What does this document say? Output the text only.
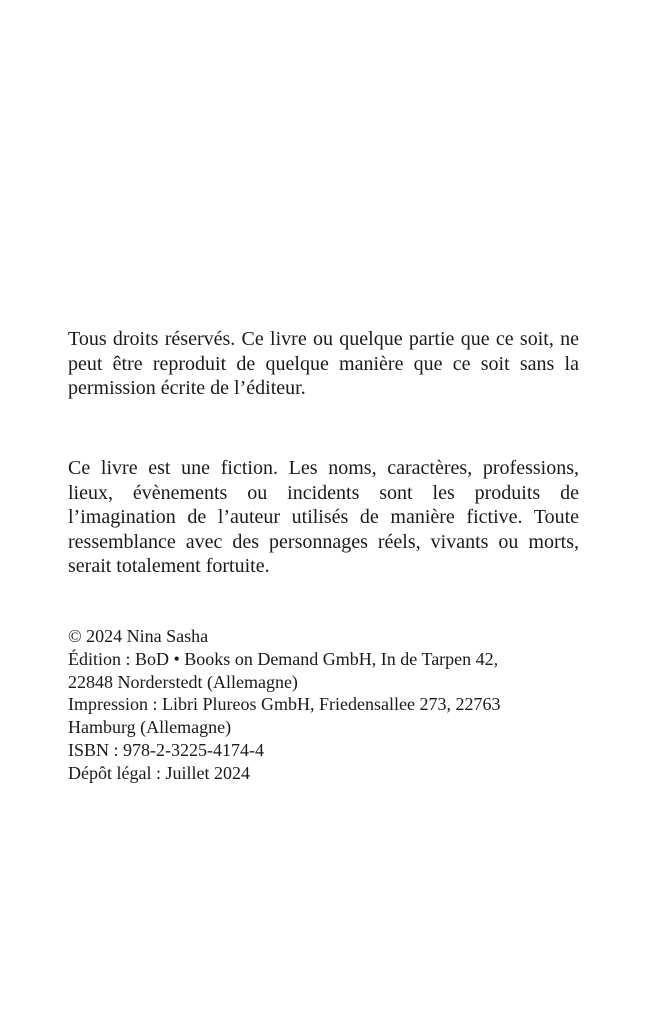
Tous droits réservés. Ce livre ou quelque partie que ce soit, ne peut être reproduit de quelque manière que ce soit sans la permission écrite de l’éditeur.

Ce livre est une fiction. Les noms, caractères, professions, lieux, évènements ou incidents sont les produits de l’imagination de l’auteur utilisés de manière fictive. Toute ressemblance avec des personnages réels, vivants ou morts, serait totalement fortuite.

© 2024 Nina Sasha
Édition : BoD • Books on Demand GmbH, In de Tarpen 42,
22848 Norderstedt (Allemagne)
Impression : Libri Plureos GmbH, Friedensallee 273, 22763
Hamburg (Allemagne)
ISBN : 978-2-3225-4174-4
Dépôt légal : Juillet 2024
